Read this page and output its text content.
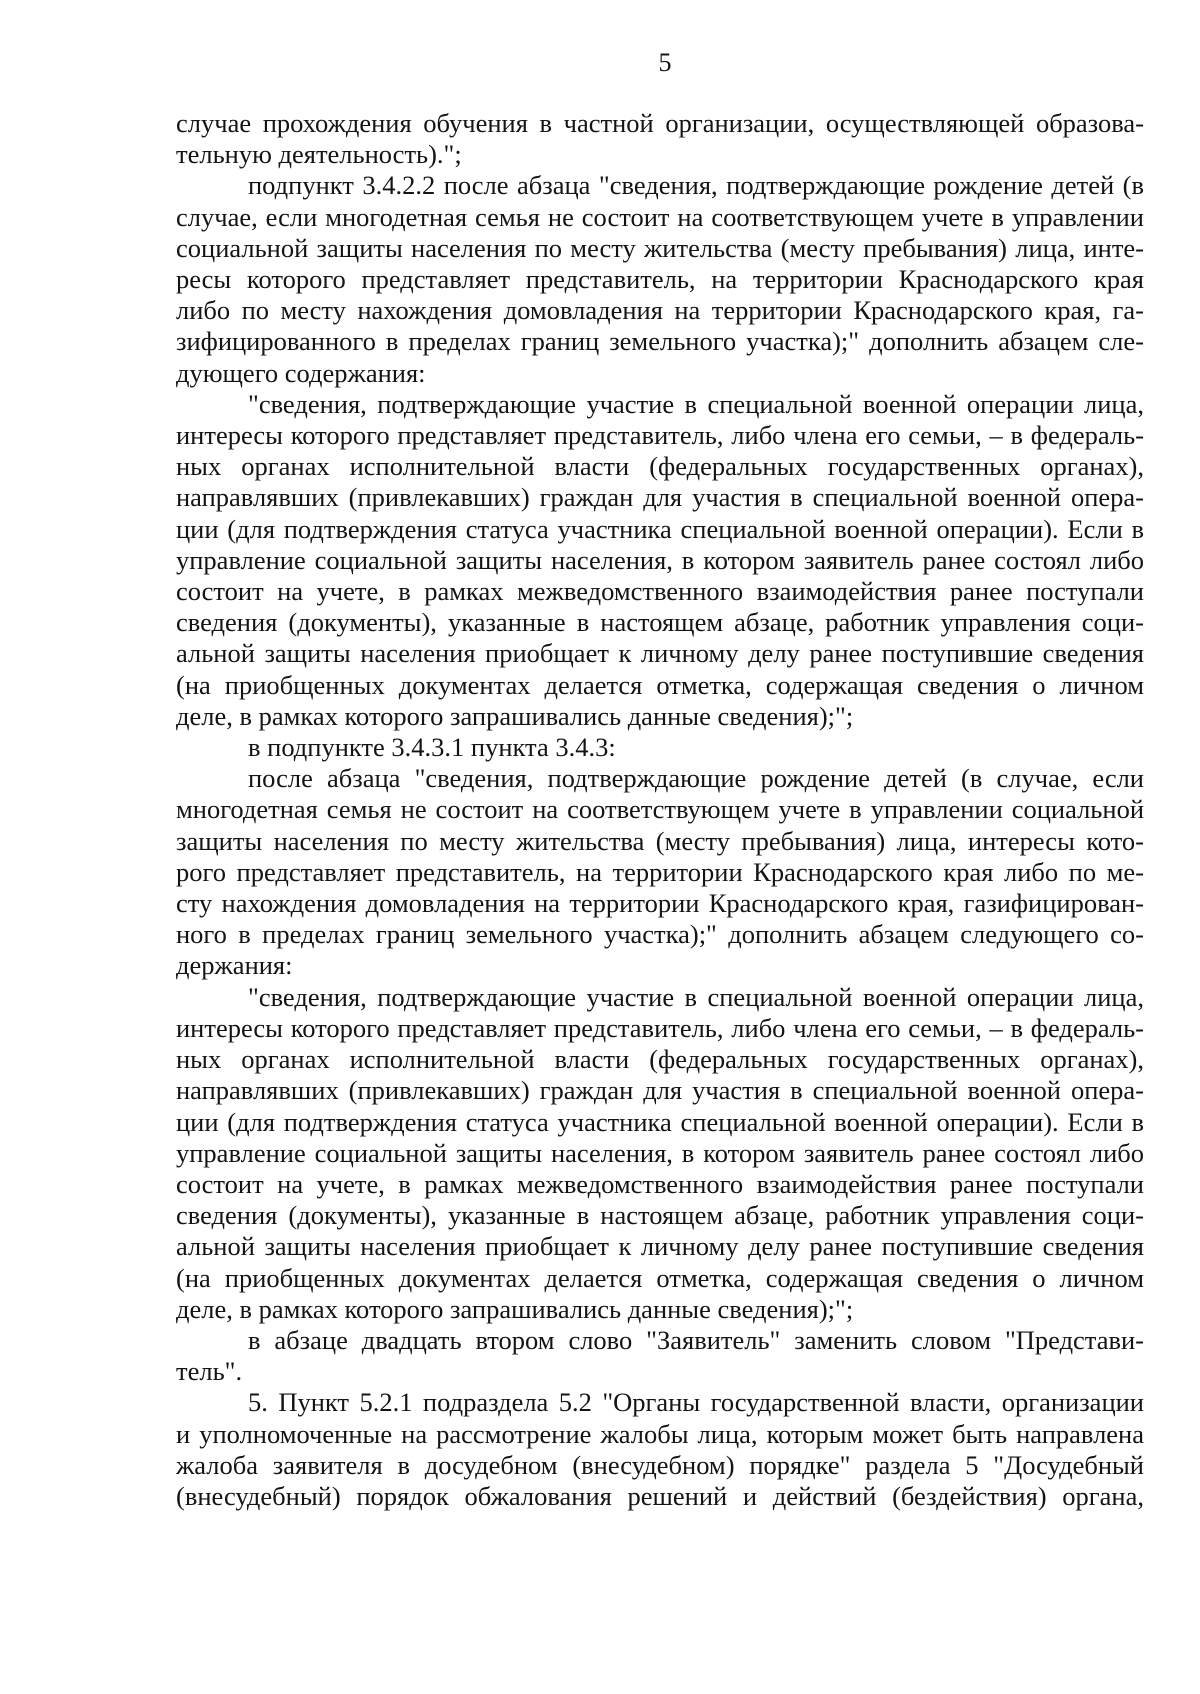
5

случае прохождения обучения в частной организации, осуществляющей образова-

тельную деятельность).";

подпункт 3.4.2.2 после абзаца "сведения, подтверждающие рождение детей (в

случае, если многодетная семья не состоит на соответствующем учете в управлении

социальной защиты населения по месту жительства (месту пребывания) лица, инте-

ресы которого представляет представитель, на территории Краснодарского края

либо по месту нахождения домовладения на территории Краснодарского края, га-

зифицированного в пределах границ земельного участка);" дополнить абзацем сле-

дующего содержания:

"сведения, подтверждающие участие в специальной военной операции лица,

интересы которого представляет представитель, либо члена его семьи, – в федераль-

ных органах исполнительной власти (федеральных государственных органах),

направлявших (привлекавших) граждан для участия в специальной военной опера-

ции (для подтверждения статуса участника специальной военной операции). Если в

управление социальной защиты населения, в котором заявитель ранее состоял либо

состоит на учете, в рамках межведомственного взаимодействия ранее поступали

сведения (документы), указанные в настоящем абзаце, работник управления соци-

альной защиты населения приобщает к личному делу ранее поступившие сведения

(на приобщенных документах делается отметка, содержащая сведения о личном

деле, в рамках которого запрашивались данные сведения);";

в подпункте 3.4.3.1 пункта 3.4.3:

после абзаца "сведения, подтверждающие рождение детей (в случае, если

многодетная семья не состоит на соответствующем учете в управлении социальной

защиты населения по месту жительства (месту пребывания) лица, интересы кото-

рого представляет представитель, на территории Краснодарского края либо по ме-

сту нахождения домовладения на территории Краснодарского края, газифицирован-

ного в пределах границ земельного участка);" дополнить абзацем следующего со-

держания:

"сведения, подтверждающие участие в специальной военной операции лица,

интересы которого представляет представитель, либо члена его семьи, – в федераль-

ных органах исполнительной власти (федеральных государственных органах),

направлявших (привлекавших) граждан для участия в специальной военной опера-

ции (для подтверждения статуса участника специальной военной операции). Если в

управление социальной защиты населения, в котором заявитель ранее состоял либо

состоит на учете, в рамках межведомственного взаимодействия ранее поступали

сведения (документы), указанные в настоящем абзаце, работник управления соци-

альной защиты населения приобщает к личному делу ранее поступившие сведения

(на приобщенных документах делается отметка, содержащая сведения о личном

деле, в рамках которого запрашивались данные сведения);";

в абзаце двадцать втором слово "Заявитель" заменить словом "Представи-

тель".

5. Пункт 5.2.1 подраздела 5.2 "Органы государственной власти, организации

и уполномоченные на рассмотрение жалобы лица, которым может быть направлена

жалоба заявителя в досудебном (внесудебном) порядке" раздела 5 "Досудебный

(внесудебный) порядок обжалования решений и действий (бездействия) органа,
